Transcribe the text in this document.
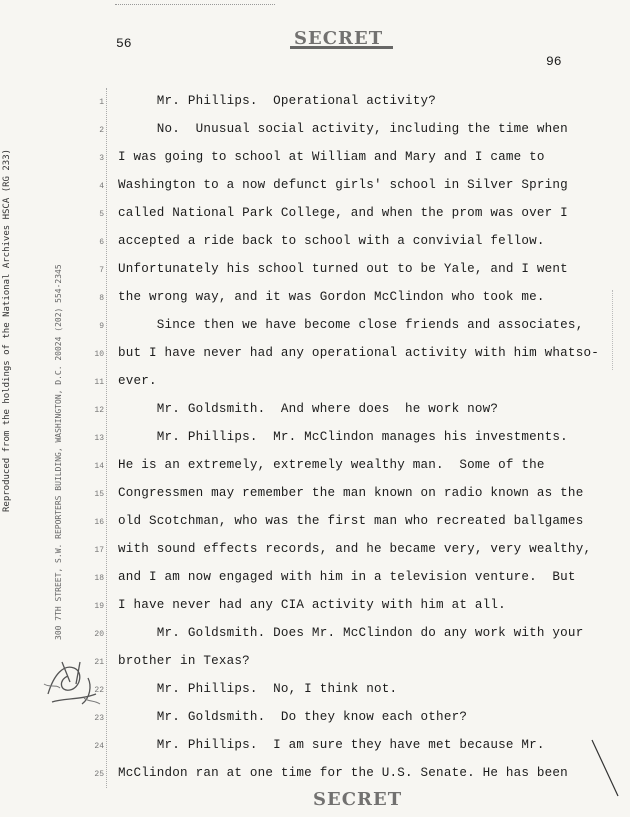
56	SECRET
96
Reproduced from the holdings of the National Archives HSCA (RG 233)	300 7TH STREET, S.W. REPORTERS BUILDING, WASHINGTON, D.C. 20024 (202) 554-2345
1
2
3
4
5
6
7
8
9
10
11
12
13
14
15
16
17
18
19
20
21
22
23
24
25
Mr. Phillips.  Operational activity?
No.  Unusual social activity, including the time when
I was going to school at William and Mary and I came to
Washington to a now defunct girls' school in Silver Spring
called National Park College, and when the prom was over I
accepted a ride back to school with a convivial fellow.
Unfortunately his school turned out to be Yale, and I went
the wrong way, and it was Gordon McClindon who took me.
Since then we have become close friends and associates,
but I have never had any operational activity with him whatso-
ever.
Mr. Goldsmith.  And where does  he work now?
Mr. Phillips.  Mr. McClindon manages his investments.
He is an extremely, extremely wealthy man.  Some of the
Congressmen may remember the man known on radio known as the
old Scotchman, who was the first man who recreated ballgames
with sound effects records, and he became very, very wealthy,
and I am now engaged with him in a television venture.  But
I have never had any CIA activity with him at all.
Mr. Goldsmith. Does Mr. McClindon do any work with your
brother in Texas?
Mr. Phillips.  No, I think not.
Mr. Goldsmith.  Do they know each other?
Mr. Phillips.  I am sure they have met because Mr.
McClindon ran at one time for the U.S. Senate. He has been
SECRET
